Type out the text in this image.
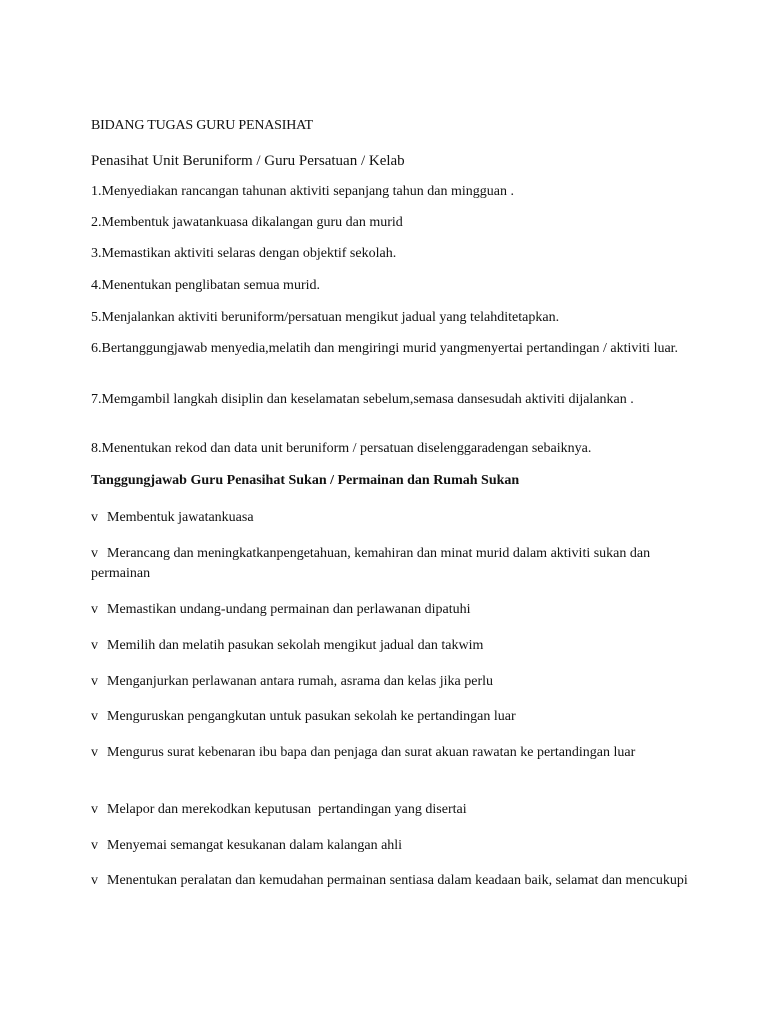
BIDANG TUGAS GURU PENASIHAT
Penasihat Unit Beruniform / Guru Persatuan / Kelab
1.Menyediakan rancangan tahunan aktiviti sepanjang tahun dan mingguan .
2.Membentuk jawatankuasa dikalangan guru dan murid
3.Memastikan aktiviti selaras dengan objektif sekolah.
4.Menentukan penglibatan semua murid.
5.Menjalankan aktiviti beruniform/persatuan mengikut jadual yang telahditetapkan.
6.Bertanggungjawab menyedia,melatih dan mengiringi murid yangmenyertai pertandingan / aktiviti luar.
7.Memgambil langkah disiplin dan keselamatan sebelum,semasa dansesudah aktiviti dijalankan .
8.Menentukan rekod dan data unit beruniform / persatuan diselenggaradengan sebaiknya.
Tanggungjawab Guru Penasihat Sukan / Permainan dan Rumah Sukan
v Membentuk jawatankuasa
v Merancang dan meningkatkanpengetahuan, kemahiran dan minat murid dalam aktiviti sukan dan permainan
v Memastikan undang-undang permainan dan perlawanan dipatuhi
v Memilih dan melatih pasukan sekolah mengikut jadual dan takwim
v Menganjurkan perlawanan antara rumah, asrama dan kelas jika perlu
v Menguruskan pengangkutan untuk pasukan sekolah ke pertandingan luar
v Mengurus surat kebenaran ibu bapa dan penjaga dan surat akuan rawatan ke pertandingan luar
v Melapor dan merekodkan keputusan  pertandingan yang disertai
v Menyemai semangat kesukanan dalam kalangan ahli
v Menentukan peralatan dan kemudahan permainan sentiasa dalam keadaan baik, selamat dan mencukupi
